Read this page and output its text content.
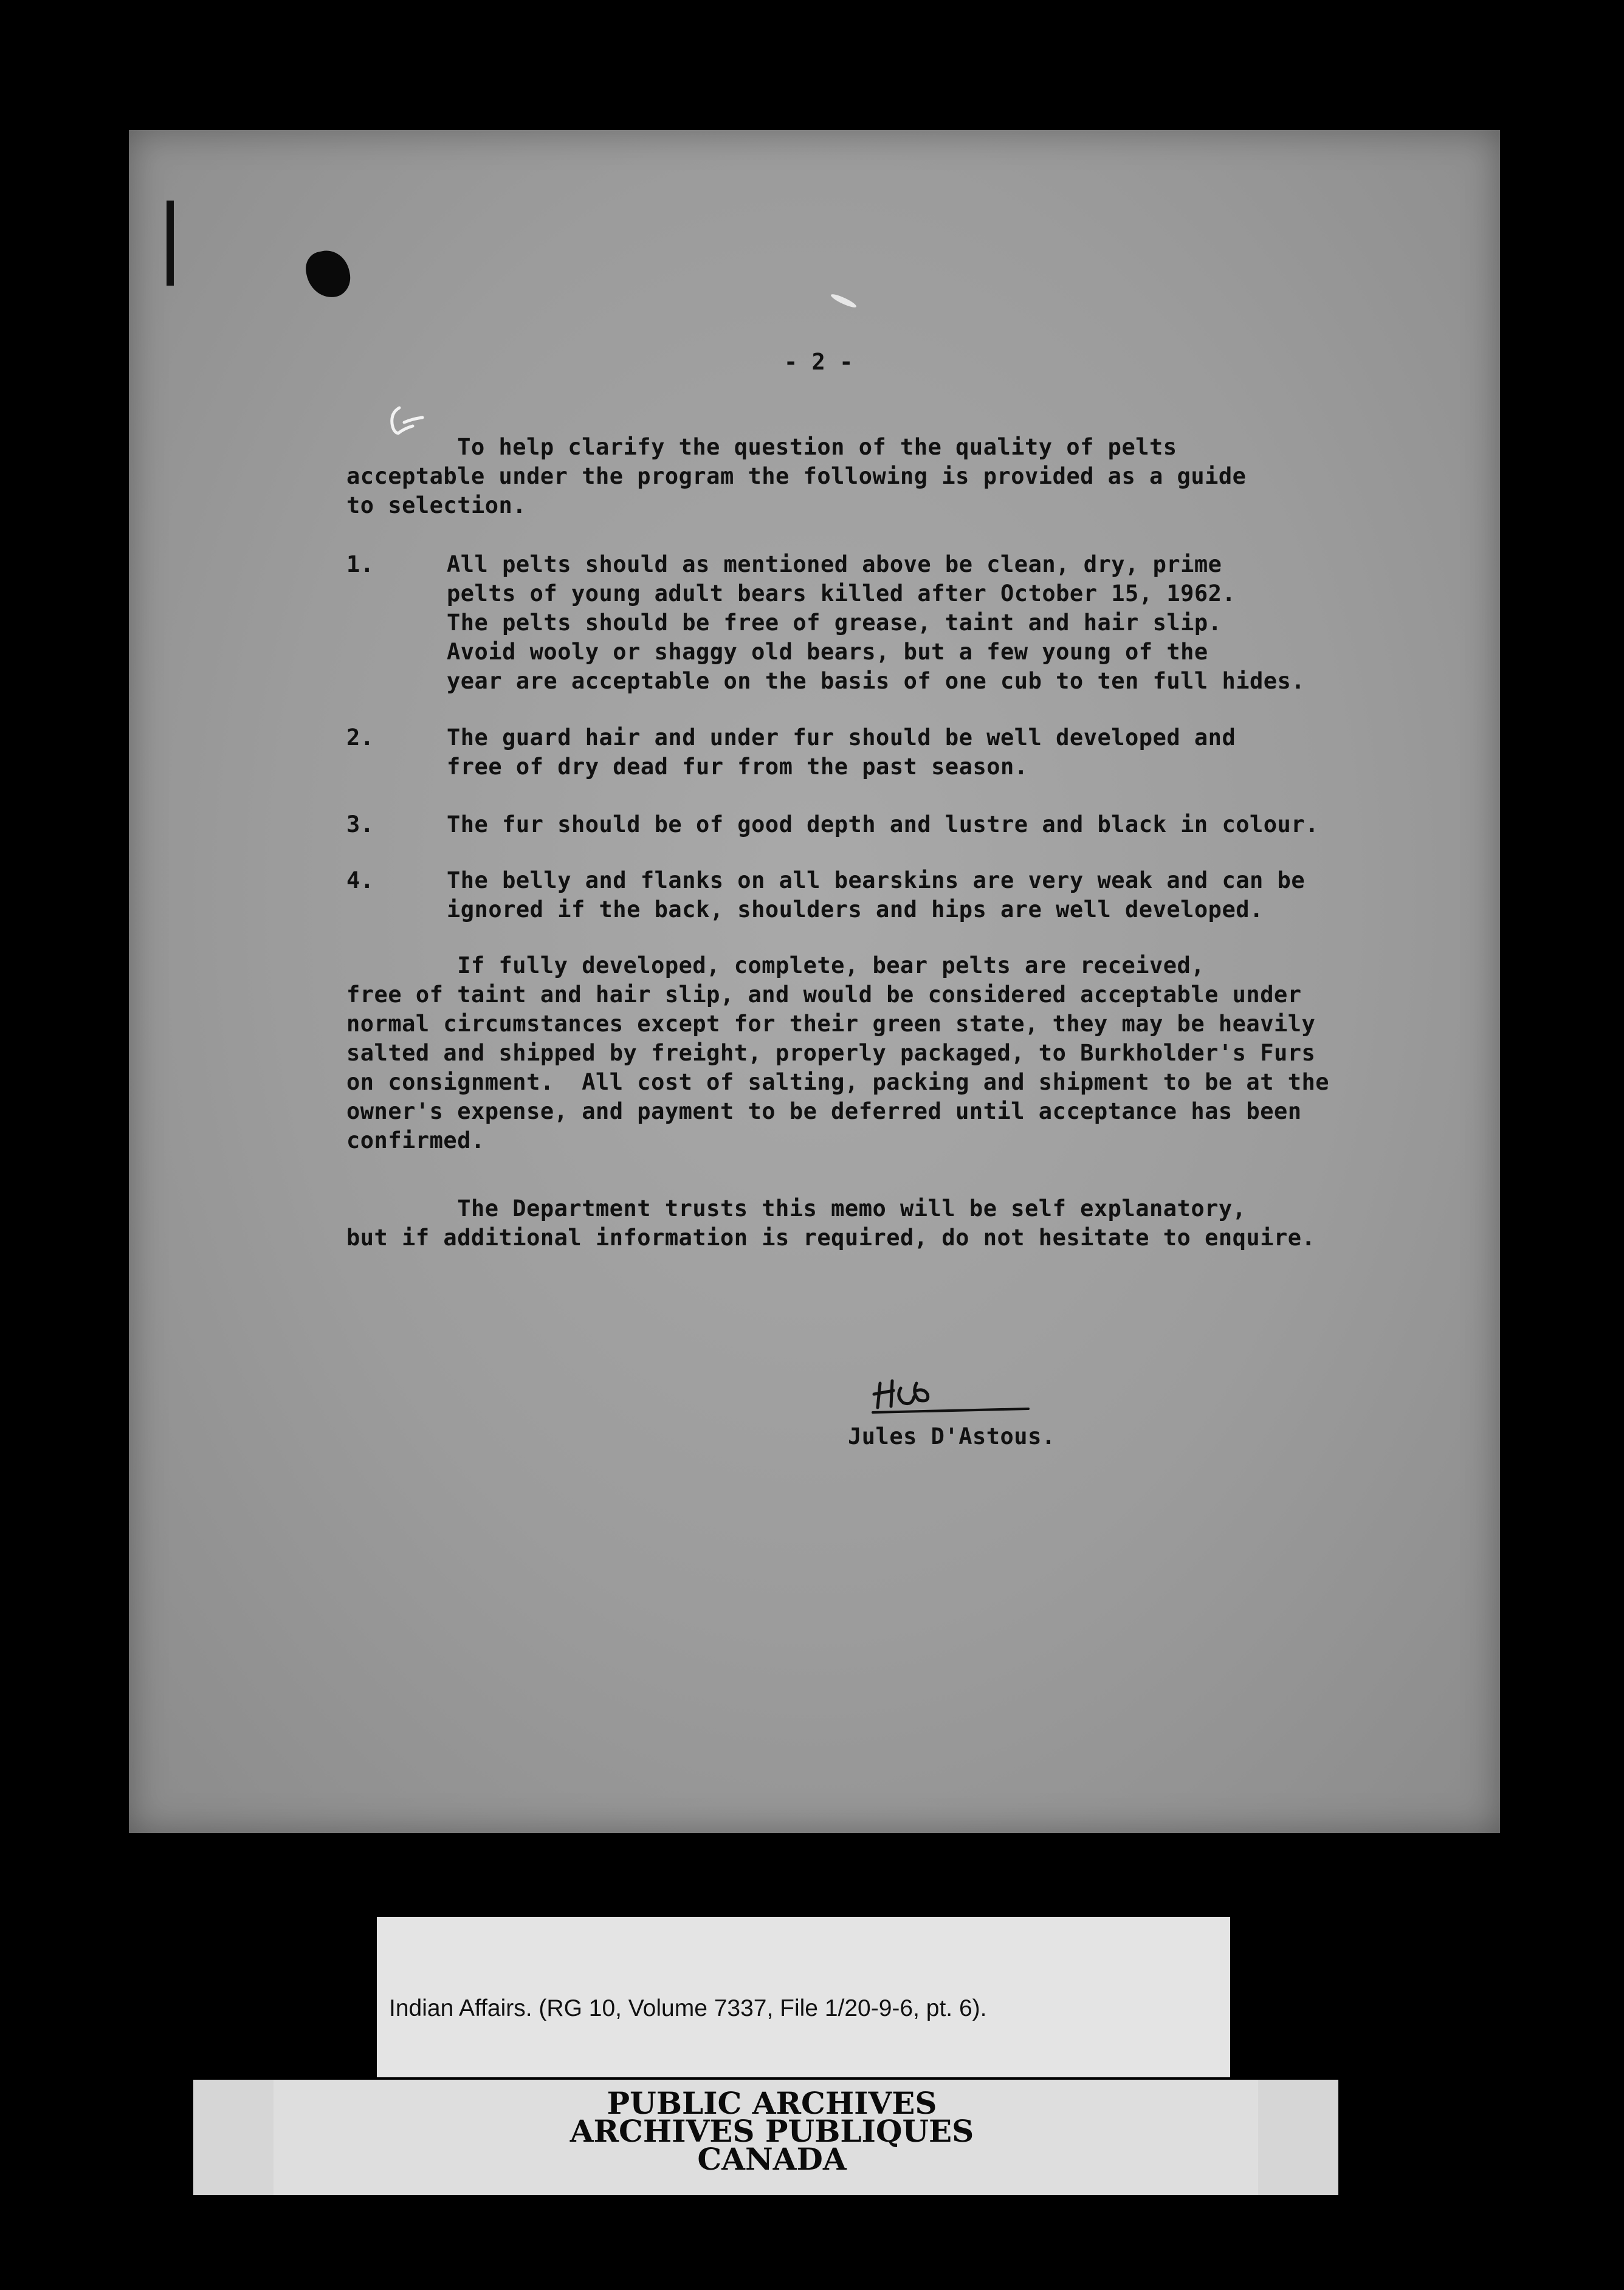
- 2 -
To help clarify the question of the quality of pelts
acceptable under the program the following is provided as a guide
to selection.
1.	All pelts should as mentioned above be clean, dry, prime
pelts of young adult bears killed after October 15, 1962.
The pelts should be free of grease, taint and hair slip.
Avoid wooly or shaggy old bears, but a few young of the
year are acceptable on the basis of one cub to ten full hides.
2.	The guard hair and under fur should be well developed and
free of dry dead fur from the past season.
3.	The fur should be of good depth and lustre and black in colour.
4.	The belly and flanks on all bearskins are very weak and can be
ignored if the back, shoulders and hips are well developed.
If fully developed, complete, bear pelts are received,
free of taint and hair slip, and would be considered acceptable under
normal circumstances except for their green state, they may be heavily
salted and shipped by freight, properly packaged, to Burkholder's Furs
on consignment.  All cost of salting, packing and shipment to be at the
owner's expense, and payment to be deferred until acceptance has been
confirmed.
The Department trusts this memo will be self explanatory,
but if additional information is required, do not hesitate to enquire.
Jules D'Astous.
Indian Affairs. (RG 10, Volume 7337, File 1/20-9-6, pt. 6).
PUBLIC ARCHIVES
ARCHIVES PUBLIQUES
CANADA
